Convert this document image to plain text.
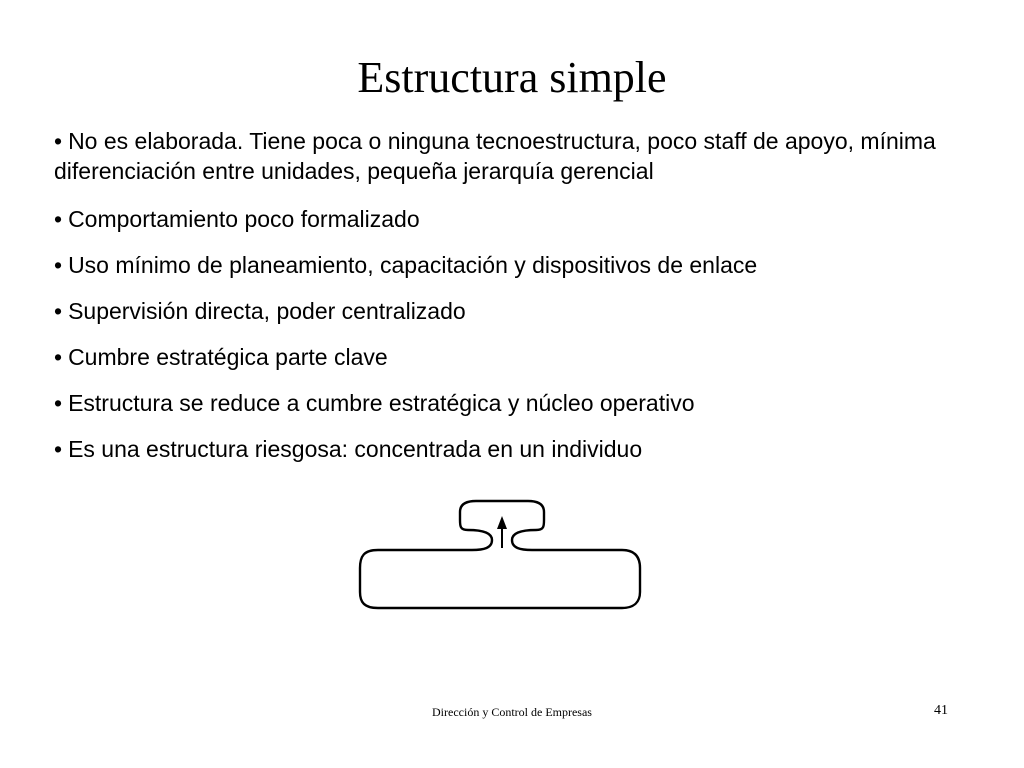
Estructura simple
• No es elaborada. Tiene poca o ninguna tecnoestructura, poco staff de apoyo, mínima diferenciación entre unidades, pequeña jerarquía gerencial
• Comportamiento poco formalizado
• Uso mínimo de planeamiento, capacitación y dispositivos de enlace
• Supervisión directa, poder centralizado
• Cumbre estratégica parte clave
• Estructura se reduce a cumbre estratégica y núcleo operativo
• Es una estructura riesgosa: concentrada en un individuo
Dirección y Control de Empresas	41
